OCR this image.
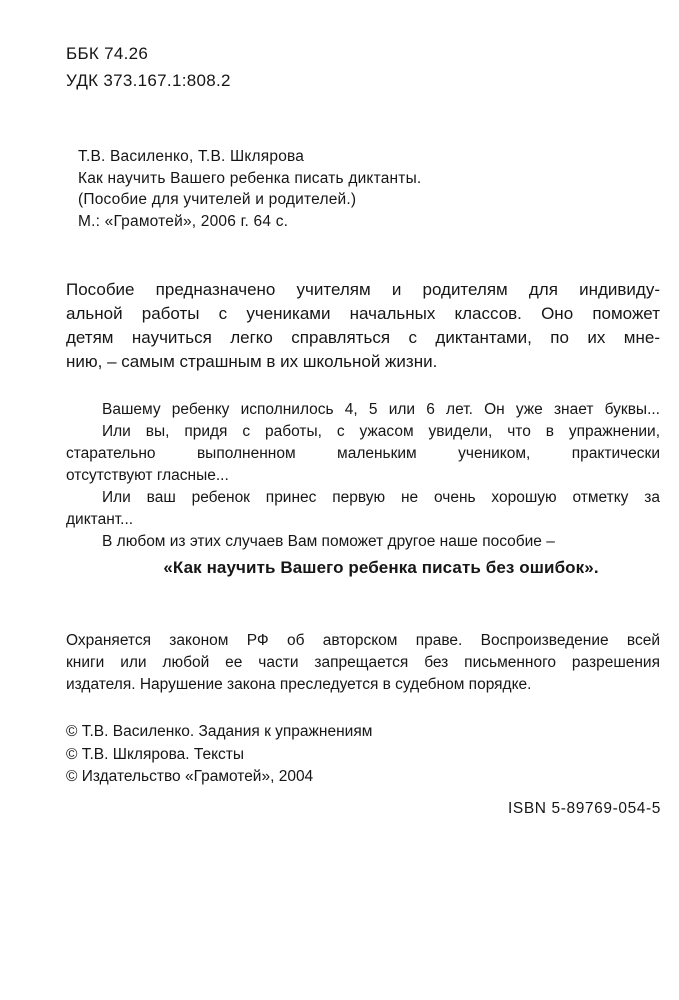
ББК 74.26
УДК 373.167.1:808.2
Т.В. Василенко, Т.В. Шклярова
Как научить Вашего ребенка писать диктанты.
(Пособие для учителей и родителей.)
М.: «Грамотей», 2006 г. 64 с.
Пособие предназначено учителям и родителям для индивиду-
альной работы с учениками начальных классов. Оно поможет
детям научиться легко справляться с диктантами, по их мне-
нию, – самым страшным в их школьной жизни.
Вашему ребенку исполнилось 4, 5 или 6 лет. Он уже знает буквы...
Или вы, придя с работы, с ужасом увидели, что в упражнении,
старательно выполненном маленьким учеником, практически
отсутствуют гласные...
Или ваш ребенок принес первую не очень хорошую отметку за
диктант...
В любом из этих случаев Вам поможет другое наше пособие –
«Как научить Вашего ребенка писать без ошибок».
Охраняется законом РФ об авторском праве. Воспроизведение всей
книги или любой ее части запрещается без письменного разрешения
издателя. Нарушение закона преследуется в судебном порядке.
© Т.В. Василенко. Задания к упражнениям
© Т.В. Шклярова. Тексты
© Издательство «Грамотей», 2004
ISBN 5-89769-054-5
